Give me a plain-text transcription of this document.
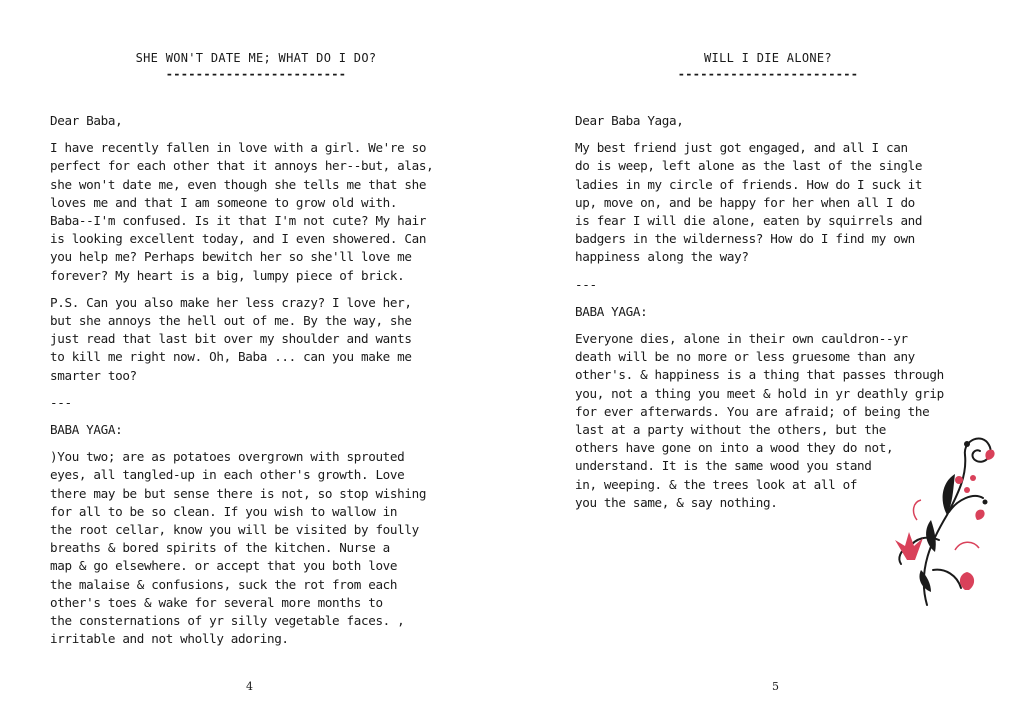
SHE WON'T DATE ME; WHAT DO I DO?
------------------------

Dear Baba,

I have recently fallen in love with a girl. We're so
perfect for each other that it annoys her--but, alas,
she won't date me, even though she tells me that she
loves me and that I am someone to grow old with.
Baba--I'm confused. Is it that I'm not cute? My hair
is looking excellent today, and I even showered. Can
you help me? Perhaps bewitch her so she'll love me
forever? My heart is a big, lumpy piece of brick.

P.S. Can you also make her less crazy? I love her,
but she annoys the hell out of me. By the way, she
just read that last bit over my shoulder and wants
to kill me right now. Oh, Baba ... can you make me
smarter too?

---

BABA YAGA:

)You two; are as potatoes overgrown with sprouted
eyes, all tangled-up in each other's growth. Love
there may be but sense there is not, so stop wishing
for all to be so clean. If you wish to wallow in
the root cellar, know you will be visited by foully
breaths & bored spirits of the kitchen. Nurse a
map & go elsewhere. or accept that you both love
the malaise & confusions, suck the rot from each
other's toes & wake for several more months to
the consternations of yr silly vegetable faces. ,
irritable and not wholly adoring.

4
WILL I DIE ALONE?
------------------------

Dear Baba Yaga,

My best friend just got engaged, and all I can
do is weep, left alone as the last of the single
ladies in my circle of friends. How do I suck it
up, move on, and be happy for her when all I do
is fear I will die alone, eaten by squirrels and
badgers in the wilderness? How do I find my own
happiness along the way?

---

BABA YAGA:

Everyone dies, alone in their own cauldron--yr
death will be no more or less gruesome than any
other's. & happiness is a thing that passes through
you, not a thing you meet & hold in yr deathly grip
for ever afterwards. You are afraid; of being the
last at a party without the others, but the
others have gone on into a wood they do not,
understand. It is the same wood you stand
in, weeping. & the trees look at all of
you the same, & say nothing.

5
